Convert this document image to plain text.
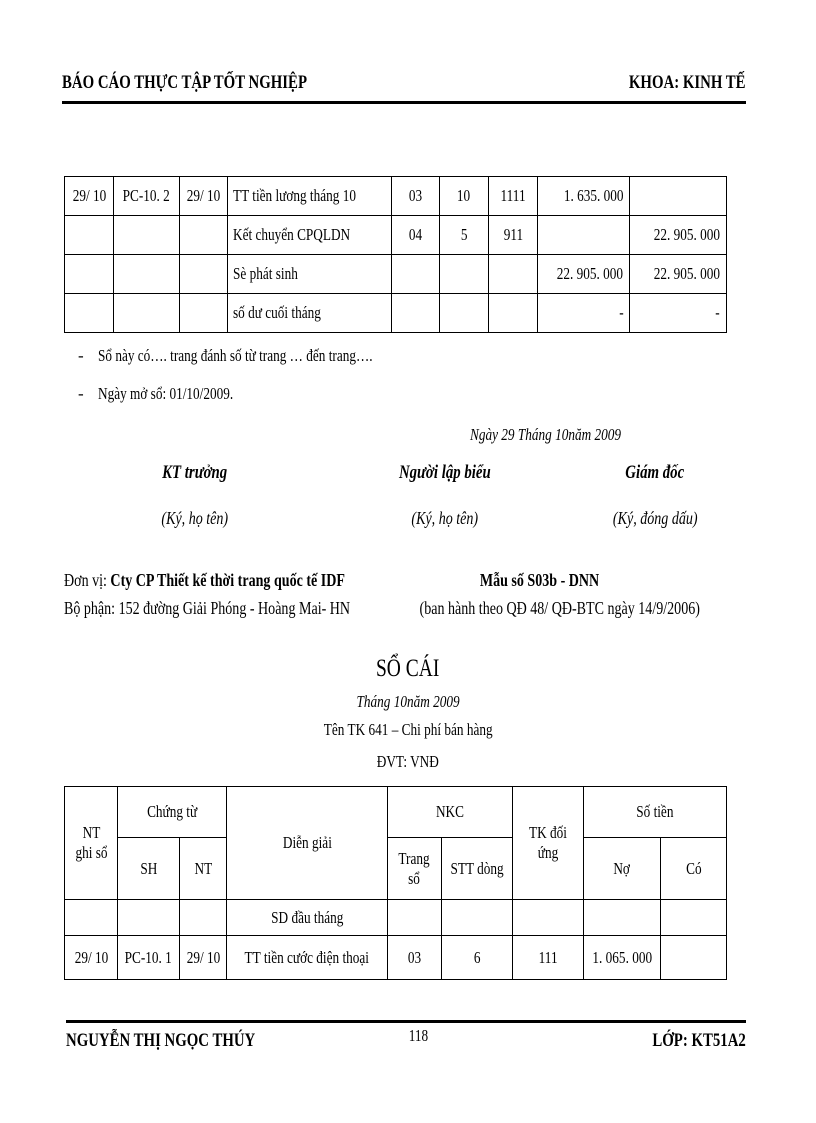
BÁO CÁO THỰC TẬP TỐT NGHIỆP	KHOA: KINH TẾ
29/ 10	PC-10. 2	29/ 10	TT tiền lương tháng 10	03	10	1111	1. 635. 000	
			Kết chuyển CPQLDN	04	5	911		22. 905. 000
			Sè phát sinh				22. 905. 000	22. 905. 000
			số dư cuối tháng				-	-
- Sổ này có…. trang đánh số từ trang … đến trang….
- Ngày mở sổ: 01/10/2009.
Ngày 29 Tháng 10năm 2009
KT trưởng	Người lập biểu	Giám đốc
(Ký, họ tên)	(Ký, họ tên)	(Ký, đóng dấu)
Đơn vị: Cty CP Thiết kế thời trang quốc tế IDF
Bộ phận: 152 đường Giải Phóng - Hoàng Mai- HN
Mẫu số S03b - DNN
(ban hành theo QĐ 48/ QĐ-BTC ngày 14/9/2006)
SỔ CÁI
Tháng 10năm 2009
Tên TK 641 – Chi phí bán hàng
ĐVT: VNĐ
NT ghi sổ	Chứng từ		Diễn giải	NKC		TK đối ứng	Số tiền	
	SH	NT		Trang sổ	STT dòng		Nợ	Có
			SD đầu tháng					
29/ 10	PC-10. 1	29/ 10	TT tiền cước điện thoại	03	6	111	1. 065. 000	
NGUYỄN THỊ NGỌC THÚY	118	LỚP: KT51A2
